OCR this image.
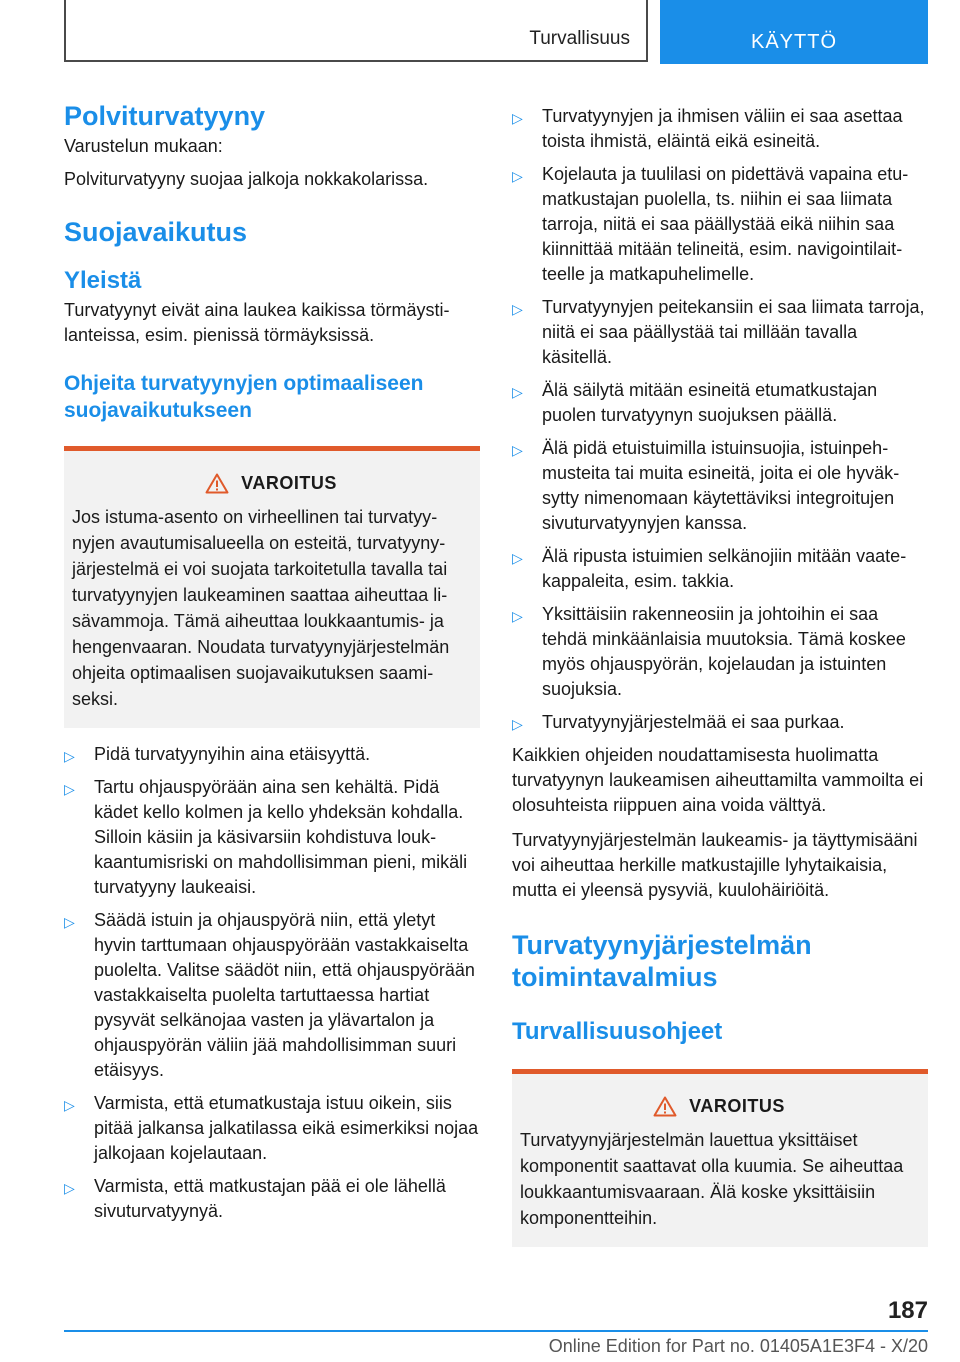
Turvallisuus	KÄYTTÖ
Polviturvatyyny

Varustelun mukaan:

Polviturvatyyny suojaa jalkoja nokkakolarissa.

Suojavaikutus
Yleistä

Turvatyynyt eivät aina laukea kaikissa törmäystilanteissa, esim. pienissä törmäyksissä.

Ohjeita turvatyynyjen optimaaliseen suojavaikutukseen
VAROITUS
Jos istuma-asento on virheellinen tai turvatyynyjen avautumisalueella on esteitä, turvatyynyjärjestelmä ei voi suojata tarkoitetulla tavalla tai turvatyynyjen laukeaminen saattaa aiheuttaa lisävammoja. Tämä aiheuttaa loukkaantumis- ja hengenvaaran. Noudata turvatyynyjärjestelmän ohjeita optimaalisen suojavaikutuksen saamiseksi.
▷ Pidä turvatyynyihin aina etäisyyttä.
▷ Tartu ohjauspyörään aina sen kehältä. Pidä kädet kello kolmen ja kello yhdeksän kohdalla. Silloin käsiin ja käsivarsiin kohdistuva loukkaantumisriski on mahdollisimman pieni, mikäli turvatyyny laukeaisi.
▷ Säädä istuin ja ohjauspyörä niin, että yletyt hyvin tarttumaan ohjauspyörään vastakkaiselta puolelta. Valitse säädöt niin, että ohjauspyörään vastakkaiselta puolelta tartuttaessa hartiat pysyvät selkänojaa vasten ja ylävartalon ja ohjauspyörän väliin jää mahdollisimman suuri etäisyys.
▷ Varmista, että etumatkustaja istuu oikein, siis pitää jalkansa jalkatilassa eikä esimerkiksi nojaa jalkojaan kojelautaan.
▷ Varmista, että matkustajan pää ei ole lähellä sivuturvatyynyä.
▷ Turvatyynyjen ja ihmisen väliin ei saa asettaa toista ihmistä, eläintä eikä esineitä.
▷ Kojelauta ja tuulilasi on pidettävä vapaina etumatkustajan puolella, ts. niihin ei saa liimata tarroja, niitä ei saa päällystää eikä niihin saa kiinnittää mitään telineitä, esim. navigointilaitteelle ja matkapuhelimelle.
▷ Turvatyynyjen peitekansiin ei saa liimata tarroja, niitä ei saa päällystää tai millään tavalla käsitellä.
▷ Älä säilytä mitään esineitä etumatkustajan puolen turvatyynyn suojuksen päällä.
▷ Älä pidä etuistuimilla istuinsuojia, istuinpehmusteita tai muita esineitä, joita ei ole hyväksytty nimenomaan käytettäviksi integroitujen sivuturvatyynyjen kanssa.
▷ Älä ripusta istuimien selkänojiin mitään vaatekappaleita, esim. takkia.
▷ Yksittäisiin rakenneosiin ja johtoihin ei saa tehdä minkäänlaisia muutoksia. Tämä koskee myös ohjauspyörän, kojelaudan ja istuinten suojuksia.
▷ Turvatyynyjärjestelmää ei saa purkaa.

Kaikkien ohjeiden noudattamisesta huolimatta turvatyynyn laukeamisen aiheuttamilta vammoilta ei olosuhteista riippuen aina voida välttyä.

Turvatyynyjärjestelmän laukeamis- ja täyttymisääni voi aiheuttaa herkille matkustajille lyhytaikaisia, mutta ei yleensä pysyviä, kuulohäiriöitä.

Turvatyynyjärjestelmän toimintavalmius
Turvallisuusohjeet
VAROITUS
Turvatyynyjärjestelmän lauettua yksittäiset komponentit saattavat olla kuumia. Se aiheuttaa loukkaantumisvaaraan. Älä koske yksittäisiin komponentteihin.
187
Online Edition for Part no. 01405A1E3F4 - X/20
